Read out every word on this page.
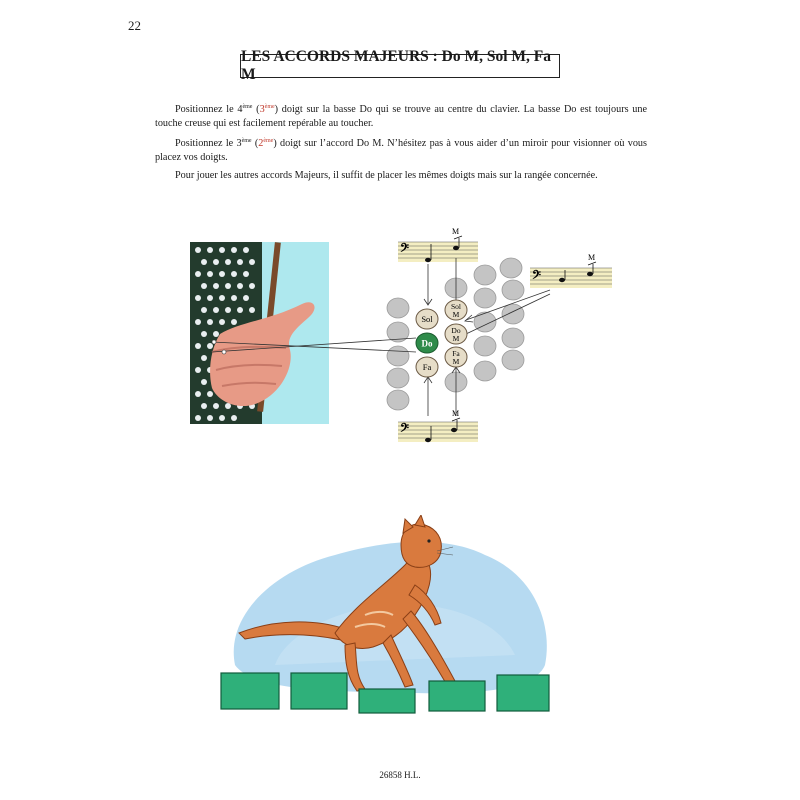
22
LES ACCORDS MAJEURS : Do M, Sol M, Fa M
Positionnez le 4ème (3ème) doigt sur la basse Do qui se trouve au centre du clavier. La basse Do est toujours une touche creuse qui est facilement repérable au toucher.
Positionnez le 3ème (2ème) doigt sur l’accord Do M. N’hésitez pas à vous aider d’un miroir pour visionner où vous placez vos doigts.
Pour jouer les autres accords Majeurs, il suffit de placer les mêmes doigts mais sur la rangée concernée.
𝄢
M
𝄢
M
𝄢
M
Sol
Do
Fa
Sol
M
Do
M
Fa
M
26858 H.L.
